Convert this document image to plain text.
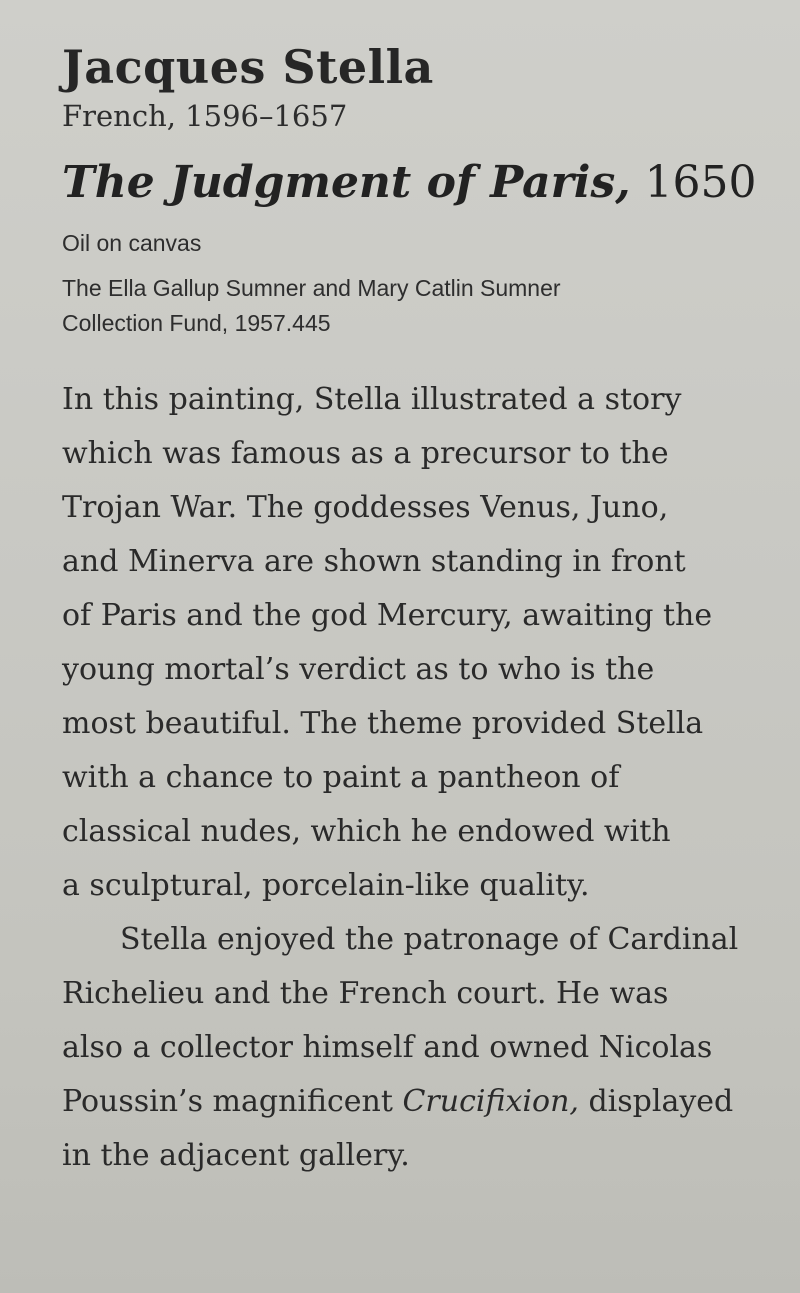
Jacques Stella
French, 1596–1657
The Judgment of Paris, 1650

Oil on canvas

The Ella Gallup Sumner and Mary Catlin Sumner
Collection Fund, 1957.445

In this painting, Stella illustrated a story
which was famous as a precursor to the
Trojan War. The goddesses Venus, Juno,
and Minerva are shown standing in front
of Paris and the god Mercury, awaiting the
young mortal’s verdict as to who is the
most beautiful. The theme provided Stella
with a chance to paint a pantheon of
classical nudes, which he endowed with
a sculptural, porcelain-like quality.

Stella enjoyed the patronage of Cardinal
Richelieu and the French court. He was
also a collector himself and owned Nicolas
Poussin’s magnificent Crucifixion, displayed
in the adjacent gallery.
